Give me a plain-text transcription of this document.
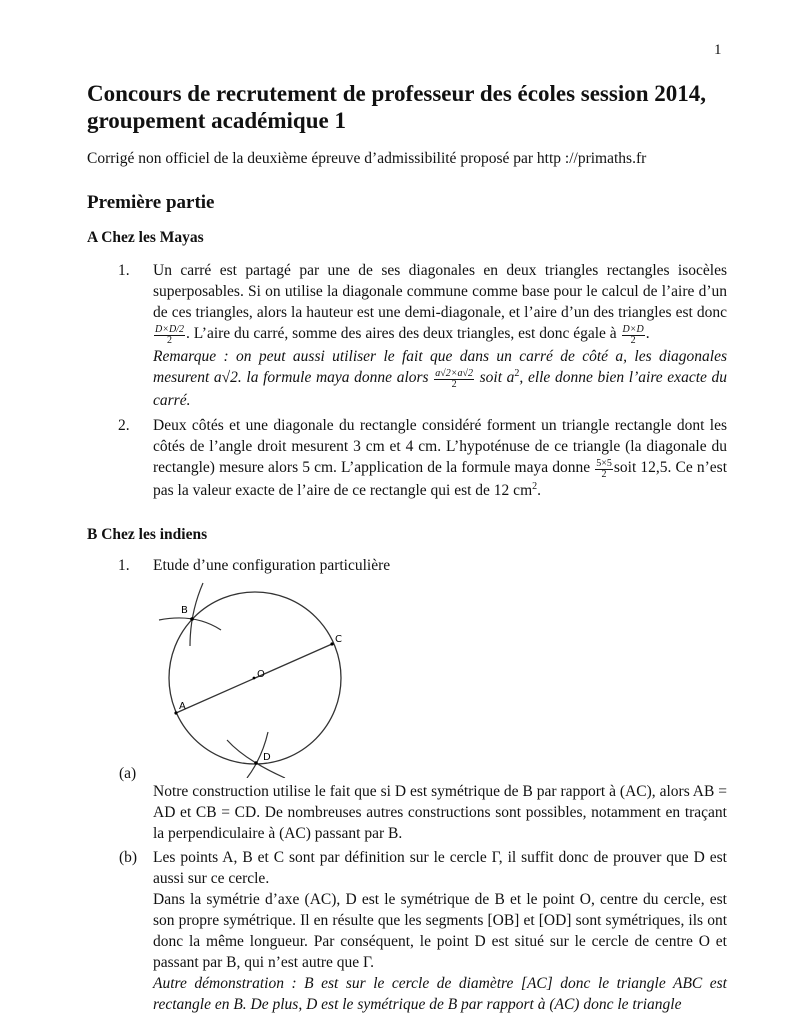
1
Concours de recrutement de professeur des écoles session 2014, groupement académique 1
Corrigé non officiel de la deuxième épreuve d’admissibilité proposé par http ://primaths.fr
Première partie
A Chez les Mayas
1. Un carré est partagé par une de ses diagonales en deux triangles rectangles isocèles superposables. Si on utilise la diagonale commune comme base pour le calcul de l’aire d’un de ces triangles, alors la hauteur est une demi-diagonale, et l’aire d’un des triangles est donc
$\frac{D\times D/2}{2}$ . L’aire du carré, somme des aires des deux triangles, est donc égale à $\frac{D\times D}{2}$ .
Remarque : on peut aussi utiliser le fait que dans un carré de côté a, les diagonales mesurent a√2. la formule maya donne alors $\frac{a√2\times a√2}{2}$ soit $a^2$, elle donne bien l’aire exacte du carré.
2. Deux côtés et une diagonale du rectangle considéré forment un triangle rectangle dont les côtés de l’angle droit mesurent 3 cm et 4 cm. L’hypoténuse de ce triangle (la diagonale du rectangle) mesure alors 5 cm. L’application de la formule maya donne $\frac{5\times 5}{2}$ soit 12,5. Ce n’est pas la valeur exacte de l’aire de ce rectangle qui est de 12 $cm^2$.
B Chez les indiens
1. Etude d’une configuration particulière
B
A
C
D
O
(a)
Notre construction utilise le fait que si D est symétrique de B par rapport à (AC), alors AB = AD et CB = CD. De nombreuses autres constructions sont possibles, notamment en traçant la perpendiculaire à (AC) passant par B.
(b) Les points A, B et C sont par définition sur le cercle Γ, il suffit donc de prouver que D est aussi sur ce cercle.
Dans la symétrie d’axe (AC), D est le symétrique de B et le point O, centre du cercle, est son propre symétrique. Il en résulte que les segments [OB] et [OD] sont symétriques, ils ont donc la même longueur. Par conséquent, le point D est situé sur le cercle de centre O et passant par B, qui n’est autre que Γ.
Autre démonstration : B est sur le cercle de diamètre [AC] donc le triangle ABC est rectangle en B. De plus, D est le symétrique de B par rapport à (AC) donc le triangle
